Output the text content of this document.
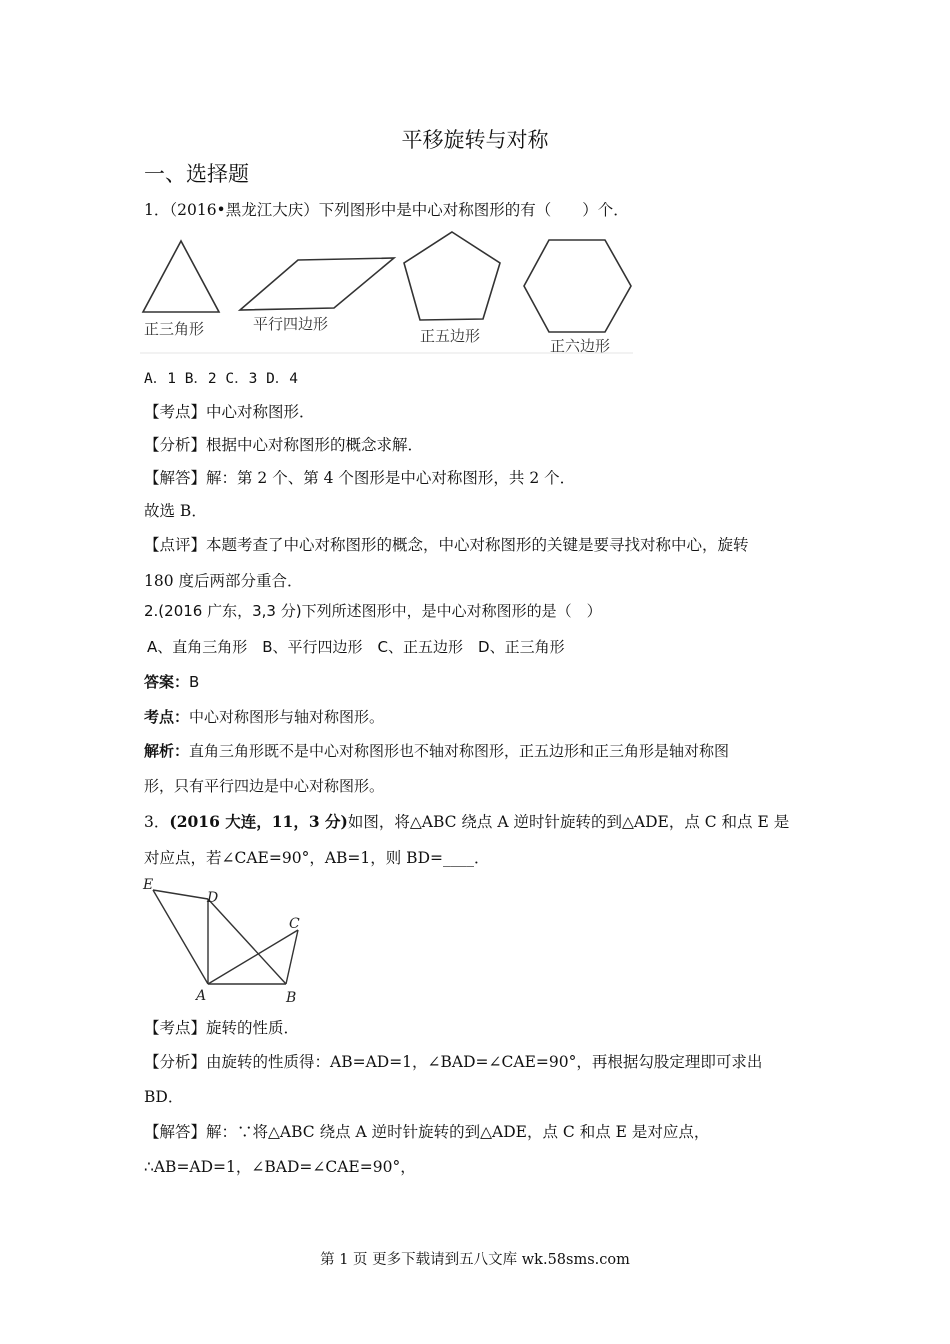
平移旋转与对称
一、选择题
1．（2016•黑龙江大庆）下列图形中是中心对称图形的有（　　）个．
正三角形	平行四边形
正五边形
正六边形
A．1 B．2 C．3 D．4
【考点】中心对称图形．
【分析】根据中心对称图形的概念求解．
【解答】解：第 2 个、第 4 个图形是中心对称图形，共 2 个．
故选 B．
【点评】本题考查了中心对称图形的概念，中心对称图形的关键是要寻找对称中心，旋转
180 度后两部分重合．
2.(2016 广东，3,3 分)下列所述图形中，是中心对称图形的是（　）
A、直角三角形　B、平行四边形　C、正五边形　D、正三角形
答案：B
考点：中心对称图形与轴对称图形。
解析：直角三角形既不是中心对称图形也不轴对称图形，正五边形和正三角形是轴对称图
形，只有平行四边是中心对称图形。
3．(2016 大连，11，3 分)如图，将△ABC 绕点 A 逆时针旋转的到△ADE，点 C 和点 E 是
对应点，若∠CAE=90°，AB=1，则 BD=____．
E
D
C
A	B
【考点】旋转的性质．
【分析】由旋转的性质得：AB=AD=1，∠BAD=∠CAE=90°，再根据勾股定理即可求出
BD．
【解答】解：∵将△ABC 绕点 A 逆时针旋转的到△ADE，点 C 和点 E 是对应点，
∴AB=AD=1，∠BAD=∠CAE=90°，
第 1 页 更多下载请到五八文库 wk.58sms.com
